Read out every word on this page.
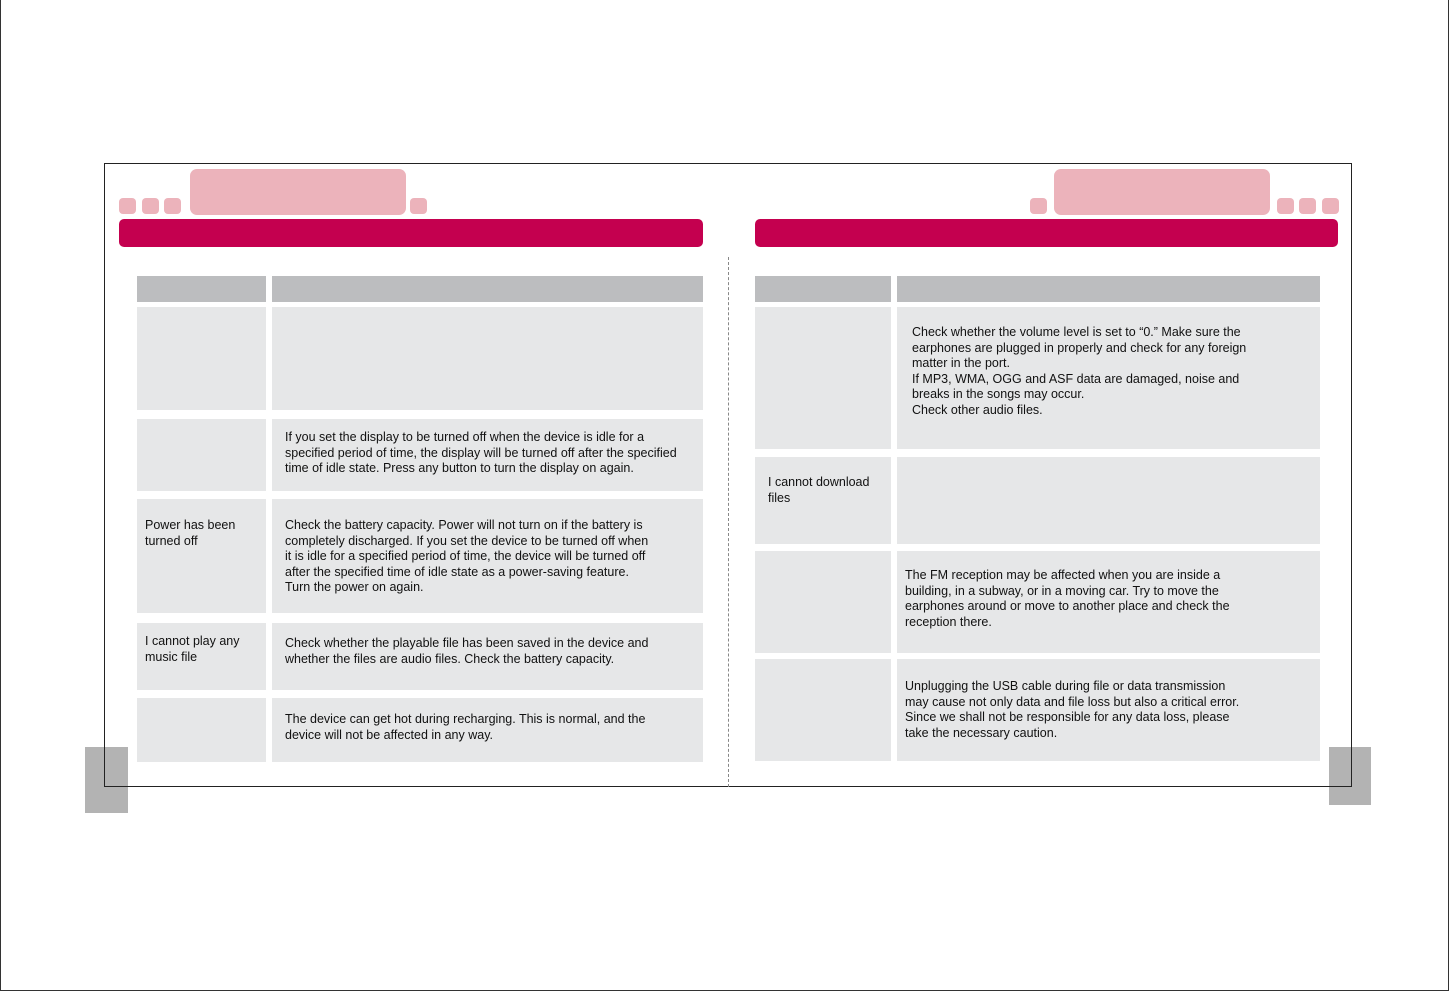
If you set the display to be turned off when the device is idle for a
specified period of time, the display will be turned off after the specified
time of idle state. Press any button to turn the display on again.
Power has been
turned off
Check the battery capacity. Power will not turn on if the battery is
completely discharged. If you set the device to be turned off when
it is idle for a specified period of time, the device will be turned off
after the specified time of idle state as a power-saving feature.
Turn the power on again.
I cannot play any
music file
Check whether the playable file has been saved in the device and
whether the files are audio files. Check the battery capacity.
The device can get hot during recharging. This is normal, and the
device will not be affected in any way.
Check whether the volume level is set to “0.” Make sure the
earphones are plugged in properly and check for any foreign
matter in the port.
If MP3, WMA, OGG and ASF data are damaged, noise and
breaks in the songs may occur.
Check other audio files.
I cannot download
files
The FM reception may be affected when you are inside a
building, in a subway, or in a moving car. Try to move the
earphones around or move to another place and check the
reception there.
Unplugging the USB cable during file or data transmission
may cause not only data and file loss but also a critical error.
Since we shall not be responsible for any data loss, please
take the necessary caution.
